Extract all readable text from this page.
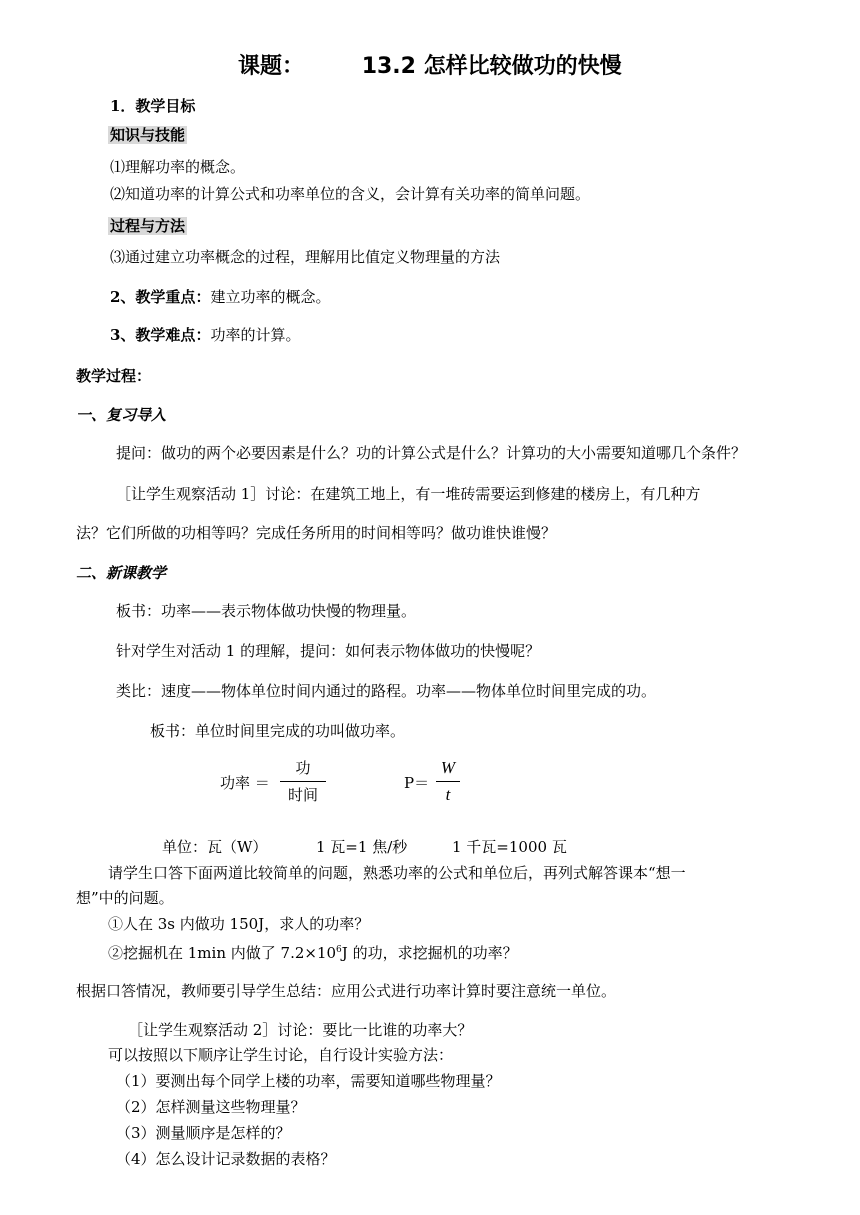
课题：	13.2 怎样比较做功的快慢
1．教学目标
知识与技能
⑴理解功率的概念。
⑵知道功率的计算公式和功率单位的含义，会计算有关功率的简单问题。
过程与方法
⑶通过建立功率概念的过程，理解用比值定义物理量的方法
2、教学重点：建立功率的概念。
3、教学难点：功率的计算。
教学过程：
一、复习导入
提问：做功的两个必要因素是什么？功的计算公式是什么？计算功的大小需要知道哪几个条件？
［让学生观察活动 1］讨论：在建筑工地上，有一堆砖需要运到修建的楼房上，有几种方
法？它们所做的功相等吗？完成任务所用的时间相等吗？做功谁快谁慢？
二、新课教学
板书：功率——表示物体做功快慢的物理量。
针对学生对活动 1 的理解，提问：如何表示物体做功的快慢呢？
类比：速度——物体单位时间内通过的路程。功率——物体单位时间里完成的功。
板书：单位时间里完成的功叫做功率。
功率 ＝
功
时间
P＝
W
t
单位：瓦（W）	1 瓦=1 焦/秒	1 千瓦=1000 瓦
请学生口答下面两道比较简单的问题，熟悉功率的公式和单位后，再列式解答课本“想一
想”中的问题。
①人在 3s 内做功 150J，求人的功率？
②挖掘机在 1min 内做了 $7.2\times 10^6J$ 的功，求挖掘机的功率？
根据口答情况，教师要引导学生总结：应用公式进行功率计算时要注意统一单位。
［让学生观察活动 2］讨论：要比一比谁的功率大？
可以按照以下顺序让学生讨论，自行设计实验方法：
（1）要测出每个同学上楼的功率，需要知道哪些物理量？
（2）怎样测量这些物理量？
（3）测量顺序是怎样的？
（4）怎么设计记录数据的表格？
